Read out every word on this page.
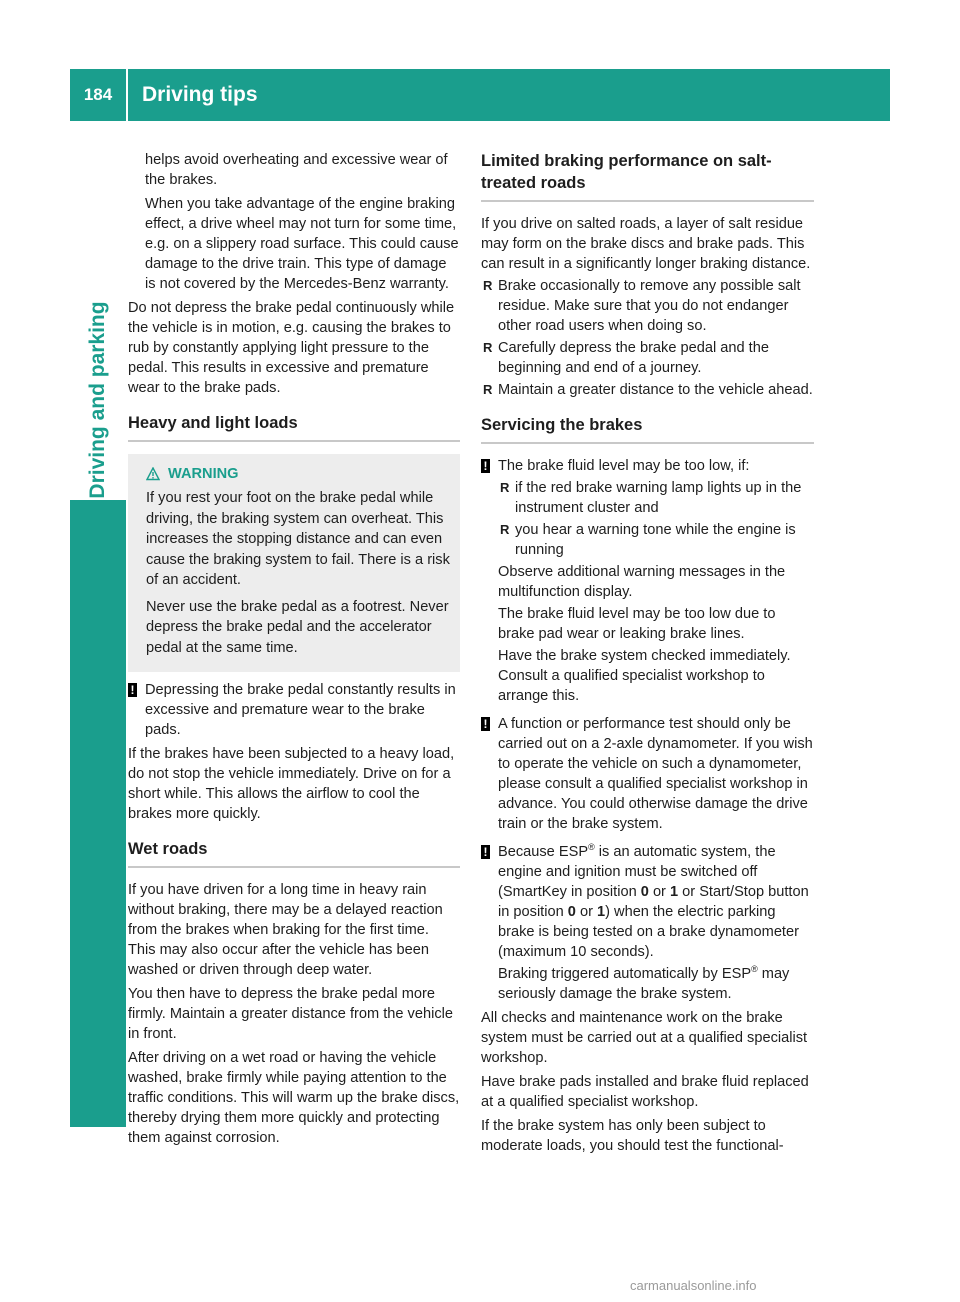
184	Driving tips
Driving and parking

helps avoid overheating and excessive wear of the brakes.

When you take advantage of the engine braking effect, a drive wheel may not turn for some time, e.g. on a slippery road surface. This could cause damage to the drive train. This type of damage is not covered by the Mercedes-Benz warranty.

Do not depress the brake pedal continuously while the vehicle is in motion, e.g. causing the brakes to rub by constantly applying light pressure to the pedal. This results in excessive and premature wear to the brake pads.

Heavy and light loads
WARNING

If you rest your foot on the brake pedal while driving, the braking system can overheat. This increases the stopping distance and can even cause the braking system to fail. There is a risk of an accident.

Never use the brake pedal as a footrest. Never depress the brake pedal and the accelerator pedal at the same time.

! Depressing the brake pedal constantly results in excessive and premature wear to the brake pads.

If the brakes have been subjected to a heavy load, do not stop the vehicle immediately. Drive on for a short while. This allows the airflow to cool the brakes more quickly.

Wet roads

If you have driven for a long time in heavy rain without braking, there may be a delayed reaction from the brakes when braking for the first time. This may also occur after the vehicle has been washed or driven through deep water.

You then have to depress the brake pedal more firmly. Maintain a greater distance from the vehicle in front.

After driving on a wet road or having the vehicle washed, brake firmly while paying attention to the traffic conditions. This will warm up the brake discs, thereby drying them more quickly and protecting them against corrosion.

Limited braking performance on salt-treated roads

If you drive on salted roads, a layer of salt residue may form on the brake discs and brake pads. This can result in a significantly longer braking distance.

R Brake occasionally to remove any possible salt residue. Make sure that you do not endanger other road users when doing so.

R Carefully depress the brake pedal and the beginning and end of a journey.

R Maintain a greater distance to the vehicle ahead.

Servicing the brakes

! The brake fluid level may be too low, if:

R if the red brake warning lamp lights up in the instrument cluster and

R you hear a warning tone while the engine is running

Observe additional warning messages in the multifunction display.

The brake fluid level may be too low due to brake pad wear or leaking brake lines.

Have the brake system checked immediately. Consult a qualified specialist workshop to arrange this.

! A function or performance test should only be carried out on a 2-axle dynamometer. If you wish to operate the vehicle on such a dynamometer, please consult a qualified specialist workshop in advance. You could otherwise damage the drive train or the brake system.

! Because ESP® is an automatic system, the engine and ignition must be switched off (SmartKey in position 0 or 1 or Start/Stop button in position 0 or 1) when the electric parking brake is being tested on a brake dynamometer (maximum 10 seconds).

Braking triggered automatically by ESP® may seriously damage the brake system.

All checks and maintenance work on the brake system must be carried out at a qualified specialist workshop.

Have brake pads installed and brake fluid replaced at a qualified specialist workshop.

If the brake system has only been subject to moderate loads, you should test the functional-

carmanualsonline.info
